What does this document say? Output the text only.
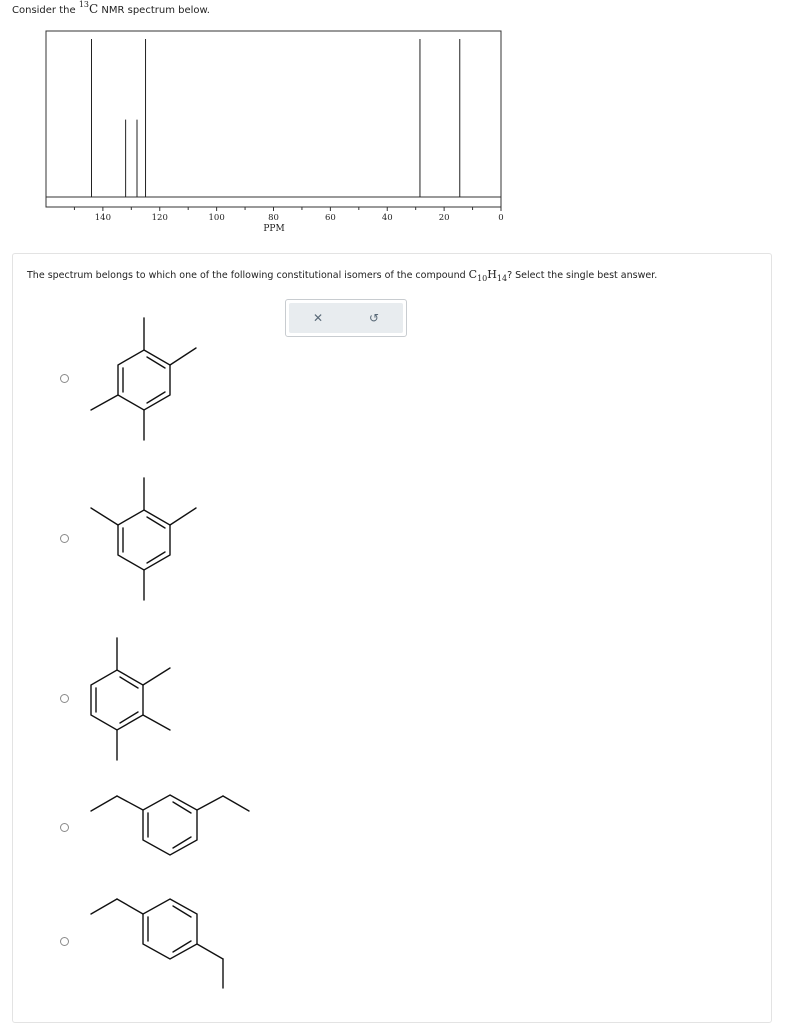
Consider the $^{13}$C NMR spectrum below.
140	120	100	80	60	40	20	0
PPM
The spectrum belongs to which one of the following constitutional isomers of the compound $C_{10}H_{14}$? Select the single best answer.
✕	↺
